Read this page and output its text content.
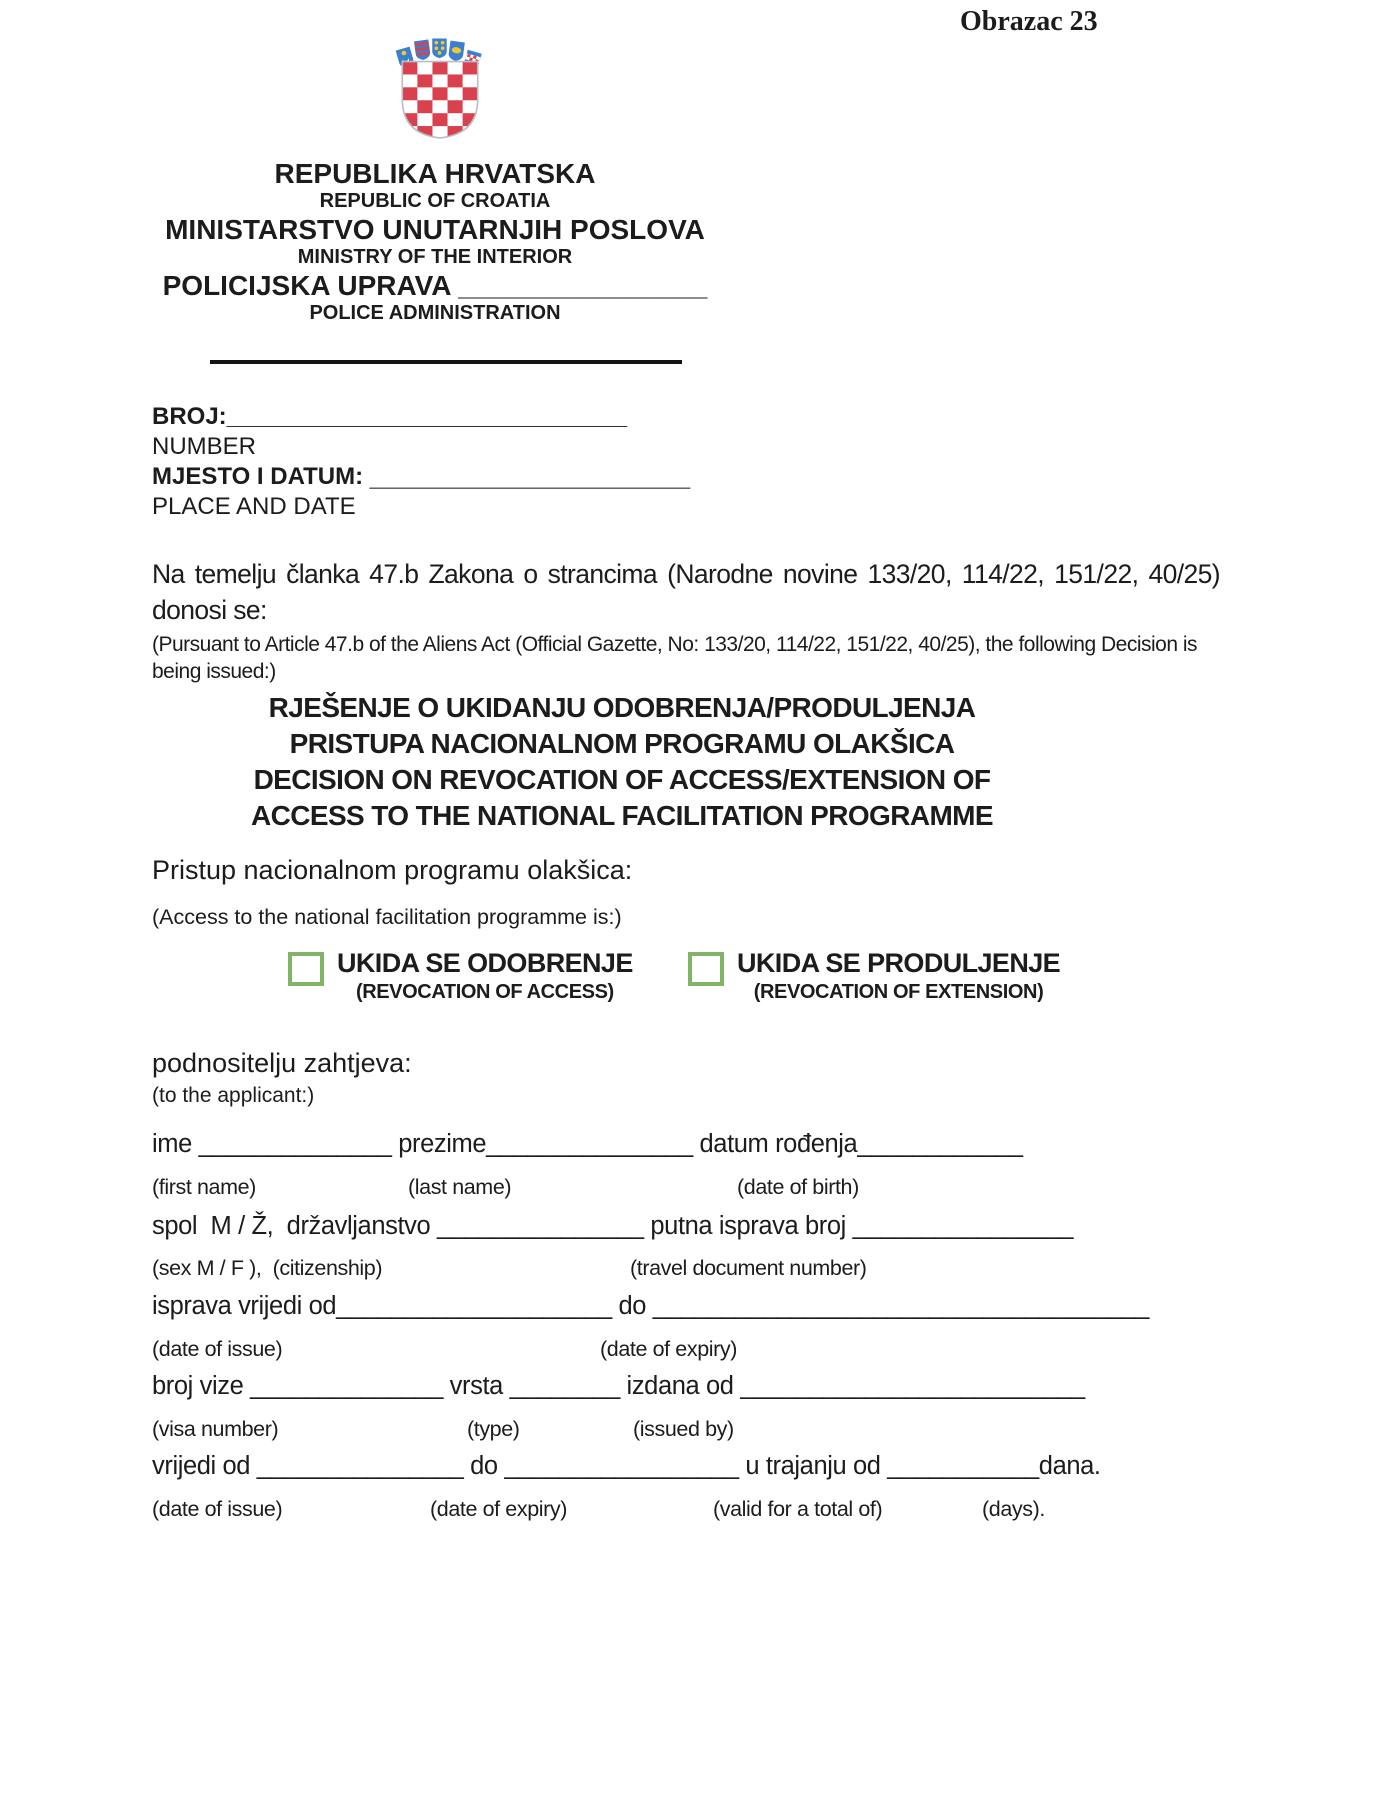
Obrazac 23
REPUBLIKA HRVATSKA
REPUBLIC OF CROATIA
MINISTARSTVO UNUTARNJIH POSLOVA
MINISTRY OF THE INTERIOR
POLICIJSKA UPRAVA ________________
POLICE ADMINISTRATION
BROJ:______________________________
NUMBER
MJESTO I DATUM: ________________________
PLACE AND DATE
Na temelju članka 47.b Zakona o strancima (Narodne novine 133/20, 114/22, 151/22, 40/25) donosi se:
(Pursuant to Article 47.b of the Aliens Act (Official Gazette, No: 133/20, 114/22, 151/22, 40/25), the following Decision is being issued:)
RJEŠENJE O UKIDANJU ODOBRENJA/PRODULJENJA
PRISTUPA NACIONALNOM PROGRAMU OLAKŠICA
DECISION ON REVOCATION OF ACCESS/EXTENSION OF
ACCESS TO THE NATIONAL FACILITATION PROGRAMME
Pristup nacionalnom programu olakšica:
(Access to the national facilitation programme is:)
UKIDA SE ODOBRENJE
(REVOCATION OF ACCESS)
UKIDA SE PRODULJENJE
(REVOCATION OF EXTENSION)
podnositelju zahtjeva:
(to the applicant:)
ime ______________ prezime_______________ datum rođenja____________
(first name)	(last name)	(date of birth)
spol  M / Ž,  državljanstvo _______________ putna isprava broj ________________
(sex M / F ),  (citizenship)	(travel document number)
isprava vrijedi od____________________ do ____________________________________
(date of issue)	(date of expiry)
broj vize ______________ vrsta ________ izdana od _________________________
(visa number)	(type)	(issued by)
vrijedi od _______________ do _________________ u trajanju od ___________dana.
(date of issue)	(date of expiry)	(valid for a total of)	(days).
